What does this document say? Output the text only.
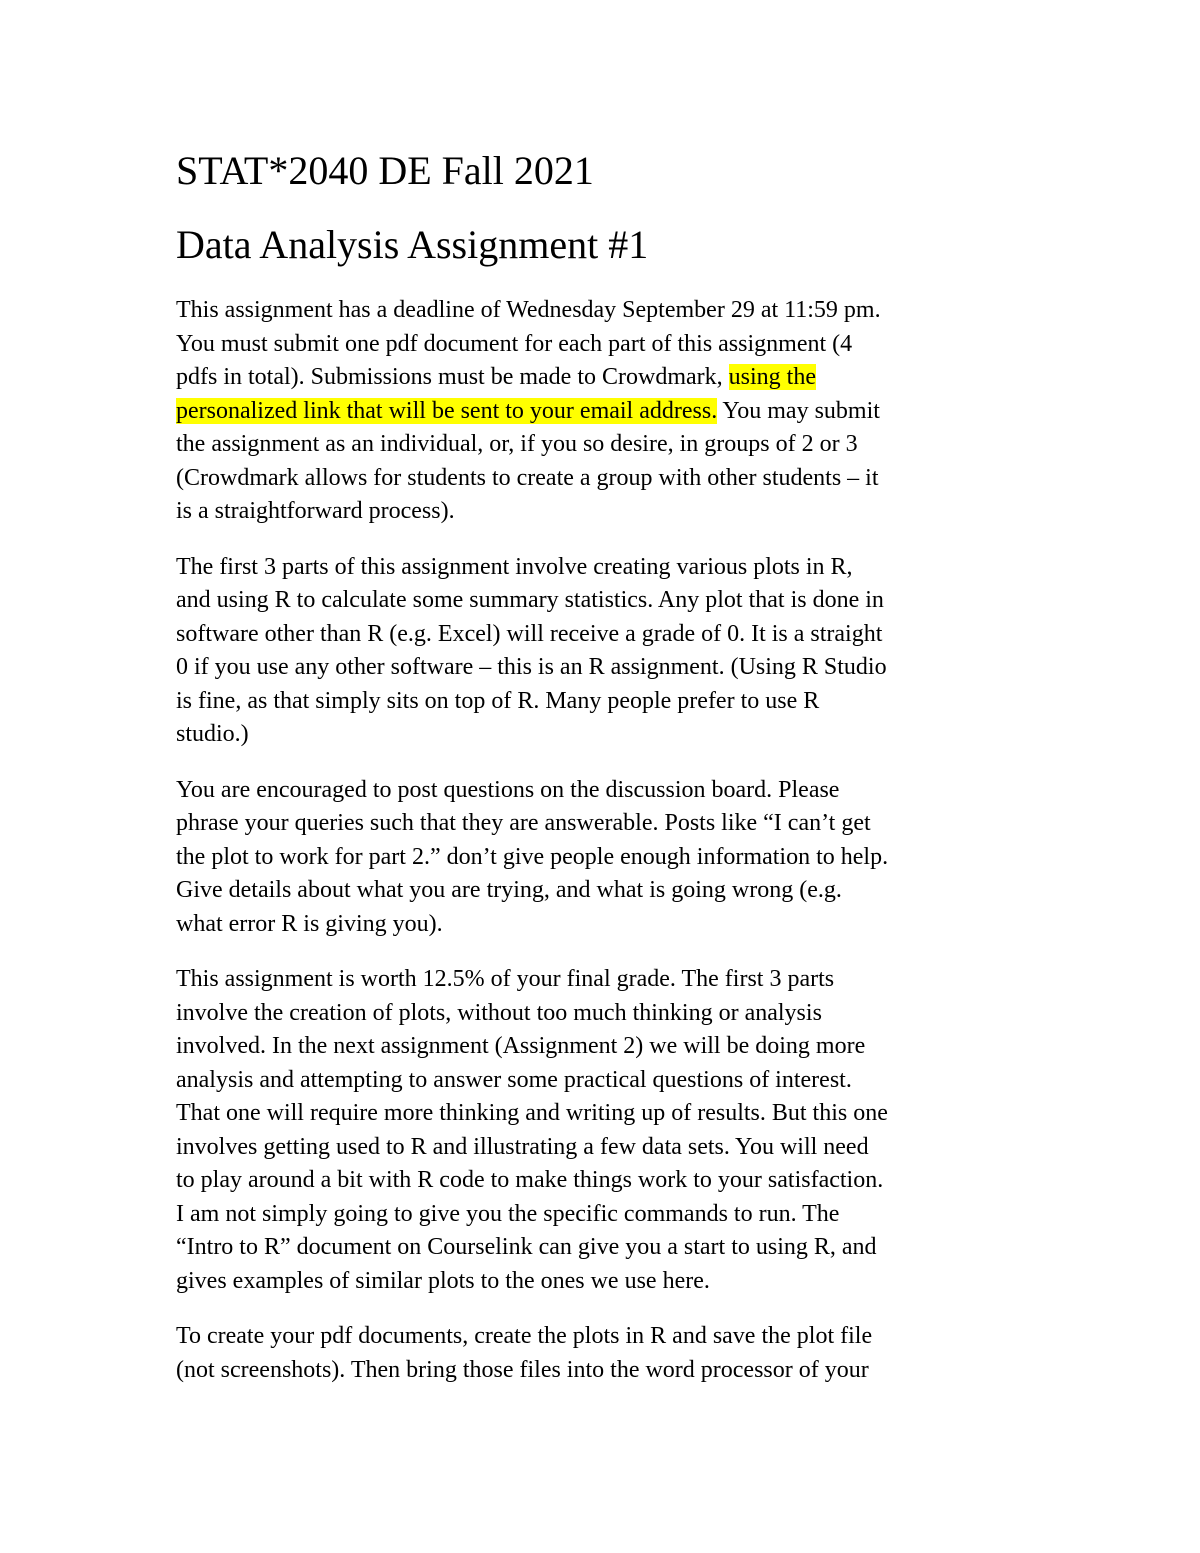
STAT*2040 DE Fall 2021
Data Analysis Assignment #1

This assignment has a deadline of Wednesday September 29 at 11:59 pm.
You must submit one pdf document for each part of this assignment (4
pdfs in total). Submissions must be made to Crowdmark, using the
personalized link that will be sent to your email address. You may submit
the assignment as an individual, or, if you so desire, in groups of 2 or 3
(Crowdmark allows for students to create a group with other students – it
is a straightforward process).

The first 3 parts of this assignment involve creating various plots in R,
and using R to calculate some summary statistics. Any plot that is done in
software other than R (e.g. Excel) will receive a grade of 0. It is a straight
0 if you use any other software – this is an R assignment. (Using R Studio
is fine, as that simply sits on top of R. Many people prefer to use R
studio.)

You are encouraged to post questions on the discussion board. Please
phrase your queries such that they are answerable. Posts like “I can’t get
the plot to work for part 2.” don’t give people enough information to help.
Give details about what you are trying, and what is going wrong (e.g.
what error R is giving you).

This assignment is worth 12.5% of your final grade. The first 3 parts
involve the creation of plots, without too much thinking or analysis
involved. In the next assignment (Assignment 2) we will be doing more
analysis and attempting to answer some practical questions of interest.
That one will require more thinking and writing up of results. But this one
involves getting used to R and illustrating a few data sets. You will need
to play around a bit with R code to make things work to your satisfaction.
I am not simply going to give you the specific commands to run. The
“Intro to R” document on Courselink can give you a start to using R, and
gives examples of similar plots to the ones we use here.

To create your pdf documents, create the plots in R and save the plot file
(not screenshots). Then bring those files into the word processor of your
